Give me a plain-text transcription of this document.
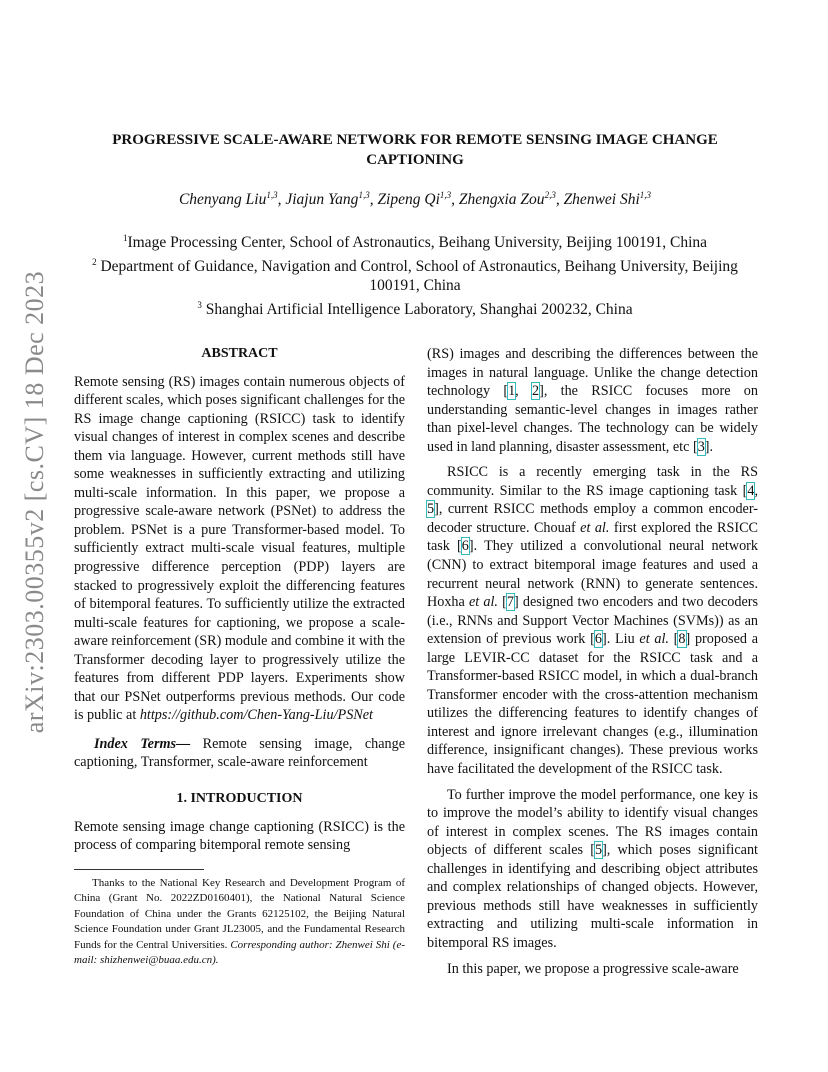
arXiv:2303.00355v2 [cs.CV] 18 Dec 2023
PROGRESSIVE SCALE-AWARE NETWORK FOR REMOTE SENSING IMAGE CHANGE CAPTIONING
Chenyang Liu$^{1,3}$, Jiajun Yang$^{1,3}$, Zipeng Qi$^{1,3}$, Zhengxia Zou$^{2,3}$, Zhenwei Shi$^{1,3}$
$^1$Image Processing Center, School of Astronautics, Beihang University, Beijing 100191, China
$^2$ Department of Guidance, Navigation and Control, School of Astronautics, Beihang University, Beijing 100191, China
$^3$ Shanghai Artificial Intelligence Laboratory, Shanghai 200232, China
ABSTRACT

Remote sensing (RS) images contain numerous objects of different scales, which poses significant challenges for the RS image change captioning (RSICC) task to identify visual changes of interest in complex scenes and describe them via language. However, current methods still have some weaknesses in sufficiently extracting and utilizing multi-scale information. In this paper, we propose a progressive scale-aware network (PSNet) to address the problem. PSNet is a pure Transformer-based model. To sufficiently extract multi-scale visual features, multiple progressive difference perception (PDP) layers are stacked to progressively exploit the differencing features of bitemporal features. To sufficiently utilize the extracted multi-scale features for captioning, we propose a scale-aware reinforcement (SR) module and combine it with the Transformer decoding layer to progressively utilize the features from different PDP layers. Experiments show that our PSNet outperforms previous methods. Our code is public at https://github.com/Chen-Yang-Liu/PSNet

Index Terms— Remote sensing image, change captioning, Transformer, scale-aware reinforcement

1. INTRODUCTION

Remote sensing image change captioning (RSICC) is the process of comparing bitemporal remote sensing

Thanks to the National Key Research and Development Program of China (Grant No. 2022ZD0160401), the National Natural Science Foundation of China under the Grants 62125102, the Beijing Natural Science Foundation under Grant JL23005, and the Fundamental Research Funds for the Central Universities. Corresponding author: Zhenwei Shi (e-mail: shizhenwei@buaa.edu.cn).

(RS) images and describing the differences between the images in natural language. Unlike the change detection technology [1, 2], the RSICC focuses more on understanding semantic-level changes in images rather than pixel-level changes. The technology can be widely used in land planning, disaster assessment, etc [3].

RSICC is a recently emerging task in the RS community. Similar to the RS image captioning task [4, 5], current RSICC methods employ a common encoder-decoder structure. Chouaf et al. first explored the RSICC task [6]. They utilized a convolutional neural network (CNN) to extract bitemporal image features and used a recurrent neural network (RNN) to generate sentences. Hoxha et al. [7] designed two encoders and two decoders (i.e., RNNs and Support Vector Machines (SVMs)) as an extension of previous work [6]. Liu et al. [8] proposed a large LEVIR-CC dataset for the RSICC task and a Transformer-based RSICC model, in which a dual-branch Transformer encoder with the cross-attention mechanism utilizes the differencing features to identify changes of interest and ignore irrelevant changes (e.g., illumination difference, insignificant changes). These previous works have facilitated the development of the RSICC task.

To further improve the model performance, one key is to improve the model’s ability to identify visual changes of interest in complex scenes. The RS images contain objects of different scales [5], which poses significant challenges in identifying and describing object attributes and complex relationships of changed objects. However, previous methods still have weaknesses in sufficiently extracting and utilizing multi-scale information in bitemporal RS images.

In this paper, we propose a progressive scale-aware
